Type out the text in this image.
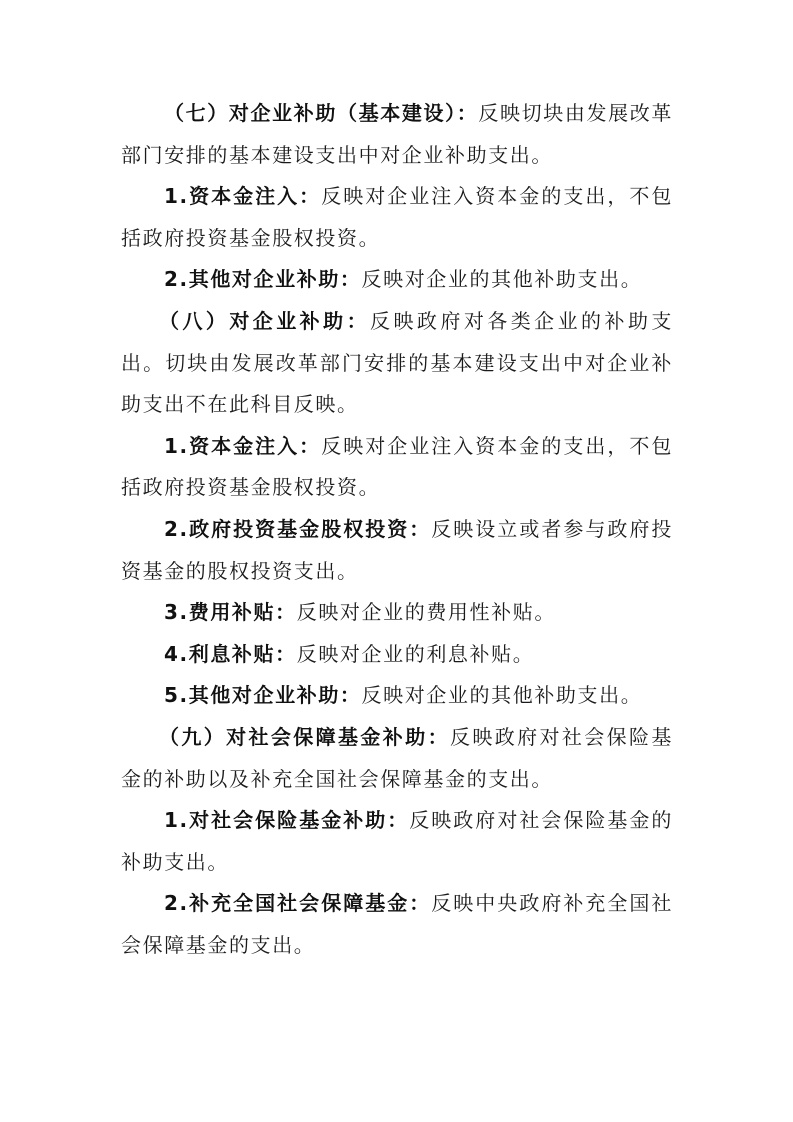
（七）对企业补助（基本建设）：反映切块由发展改革部门安排的基本建设支出中对企业补助支出。

1.资本金注入：反映对企业注入资本金的支出，不包括政府投资基金股权投资。

2.其他对企业补助：反映对企业的其他补助支出。

（八）对企业补助：反映政府对各类企业的补助支出。切块由发展改革部门安排的基本建设支出中对企业补助支出不在此科目反映。

1.资本金注入：反映对企业注入资本金的支出，不包括政府投资基金股权投资。

2.政府投资基金股权投资：反映设立或者参与政府投资基金的股权投资支出。

3.费用补贴：反映对企业的费用性补贴。

4.利息补贴：反映对企业的利息补贴。

5.其他对企业补助：反映对企业的其他补助支出。

（九）对社会保障基金补助：反映政府对社会保险基金的补助以及补充全国社会保障基金的支出。

1.对社会保险基金补助：反映政府对社会保险基金的补助支出。

2.补充全国社会保障基金：反映中央政府补充全国社会保障基金的支出。
